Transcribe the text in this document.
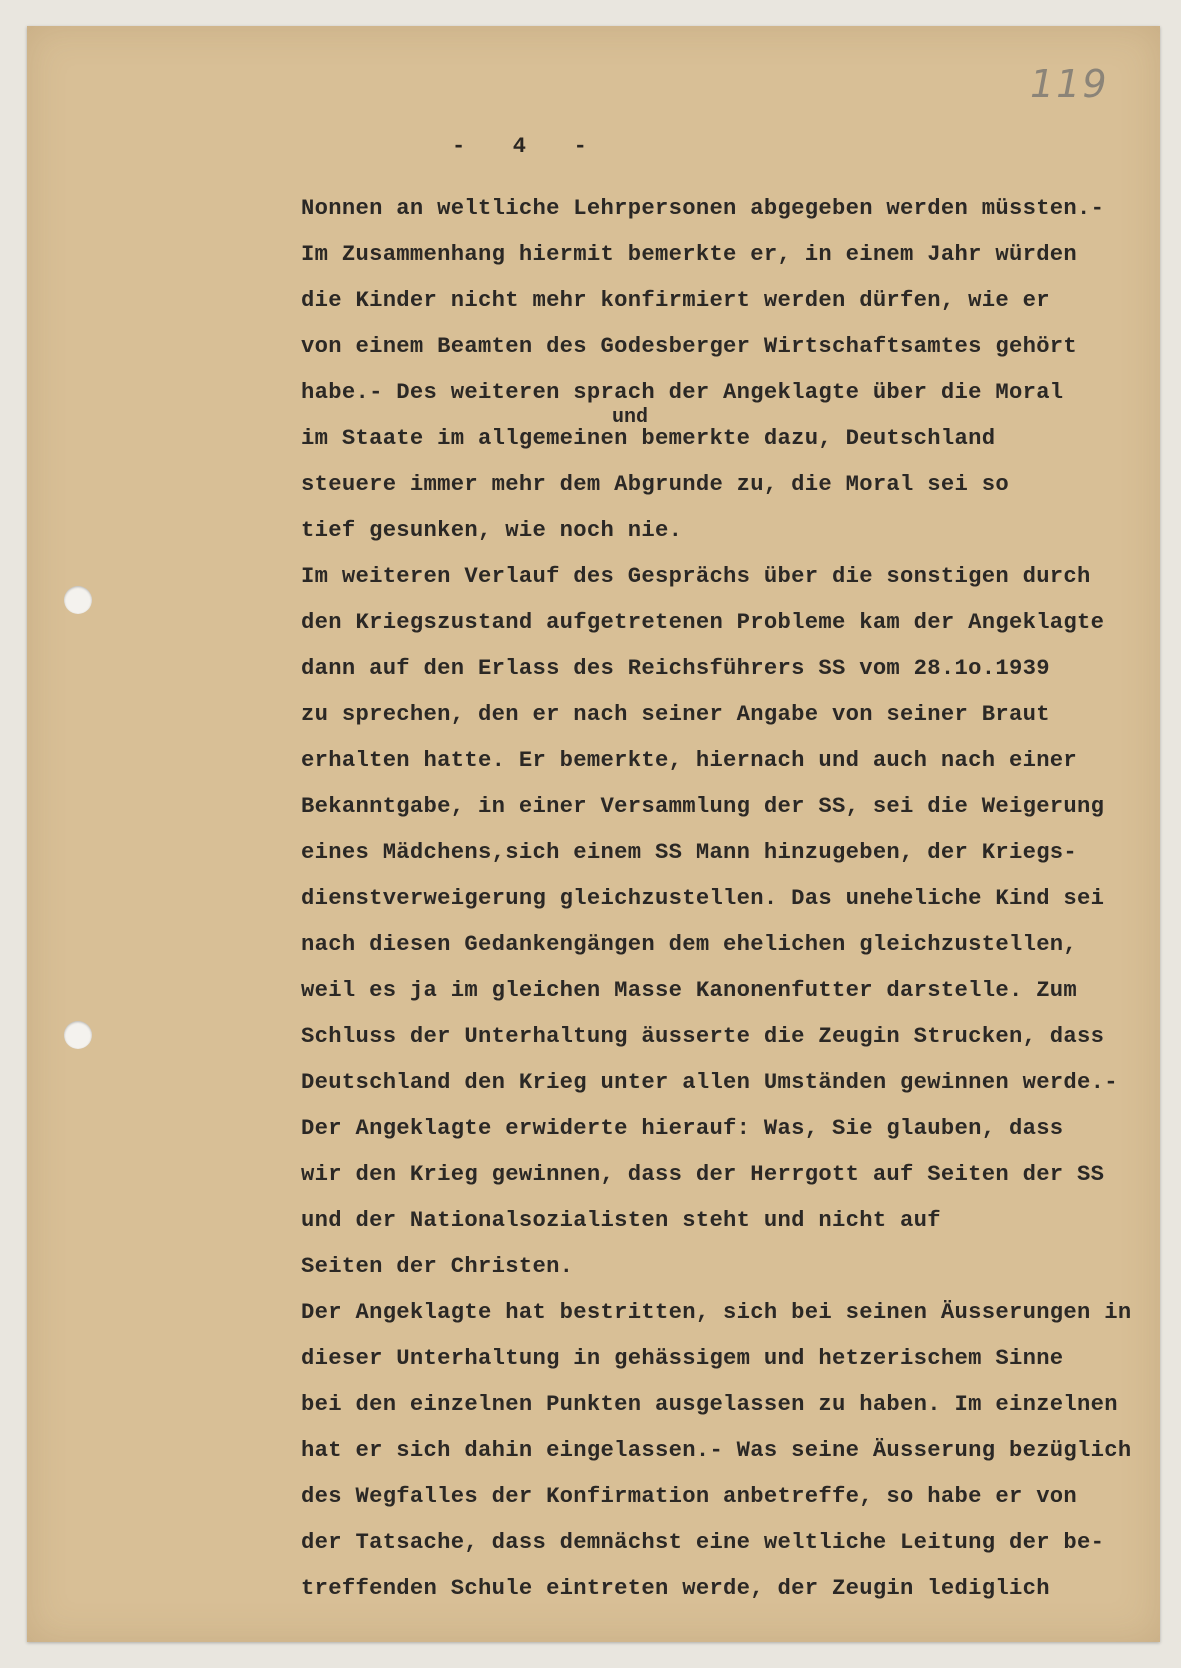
119
-   4   -
und
Nonnen an weltliche Lehrpersonen abgegeben werden müssten.-
Im Zusammenhang hiermit bemerkte er, in einem Jahr würden
die Kinder nicht mehr konfirmiert werden dürfen, wie er
von einem Beamten des Godesberger Wirtschaftsamtes gehört
habe.- Des weiteren sprach der Angeklagte über die Moral
im Staate im allgemeinen bemerkte dazu, Deutschland
steuere immer mehr dem Abgrunde zu, die Moral sei so
tief gesunken, wie noch nie.
Im weiteren Verlauf des Gesprächs über die sonstigen durch
den Kriegszustand aufgetretenen Probleme kam der Angeklagte
dann auf den Erlass des Reichsführers SS vom 28.1o.1939
zu sprechen, den er nach seiner Angabe von seiner Braut
erhalten hatte. Er bemerkte, hiernach und auch nach einer
Bekanntgabe, in einer Versammlung der SS, sei die Weigerung
eines Mädchens,sich einem SS Mann hinzugeben, der Kriegs-
dienstverweigerung gleichzustellen. Das uneheliche Kind sei
nach diesen Gedankengängen dem ehelichen gleichzustellen,
weil es ja im gleichen Masse Kanonenfutter darstelle. Zum
Schluss der Unterhaltung äusserte die Zeugin Strucken, dass
Deutschland den Krieg unter allen Umständen gewinnen werde.-
Der Angeklagte erwiderte hierauf: Was, Sie glauben, dass
wir den Krieg gewinnen, dass der Herrgott auf Seiten der SS
und der Nationalsozialisten steht und nicht auf
Seiten der Christen.
Der Angeklagte hat bestritten, sich bei seinen Äusserungen in
dieser Unterhaltung in gehässigem und hetzerischem Sinne
bei den einzelnen Punkten ausgelassen zu haben. Im einzelnen
hat er sich dahin eingelassen.- Was seine Äusserung bezüglich
des Wegfalles der Konfirmation anbetreffe, so habe er von
der Tatsache, dass demnächst eine weltliche Leitung der be-
treffenden Schule eintreten werde, der Zeugin lediglich
